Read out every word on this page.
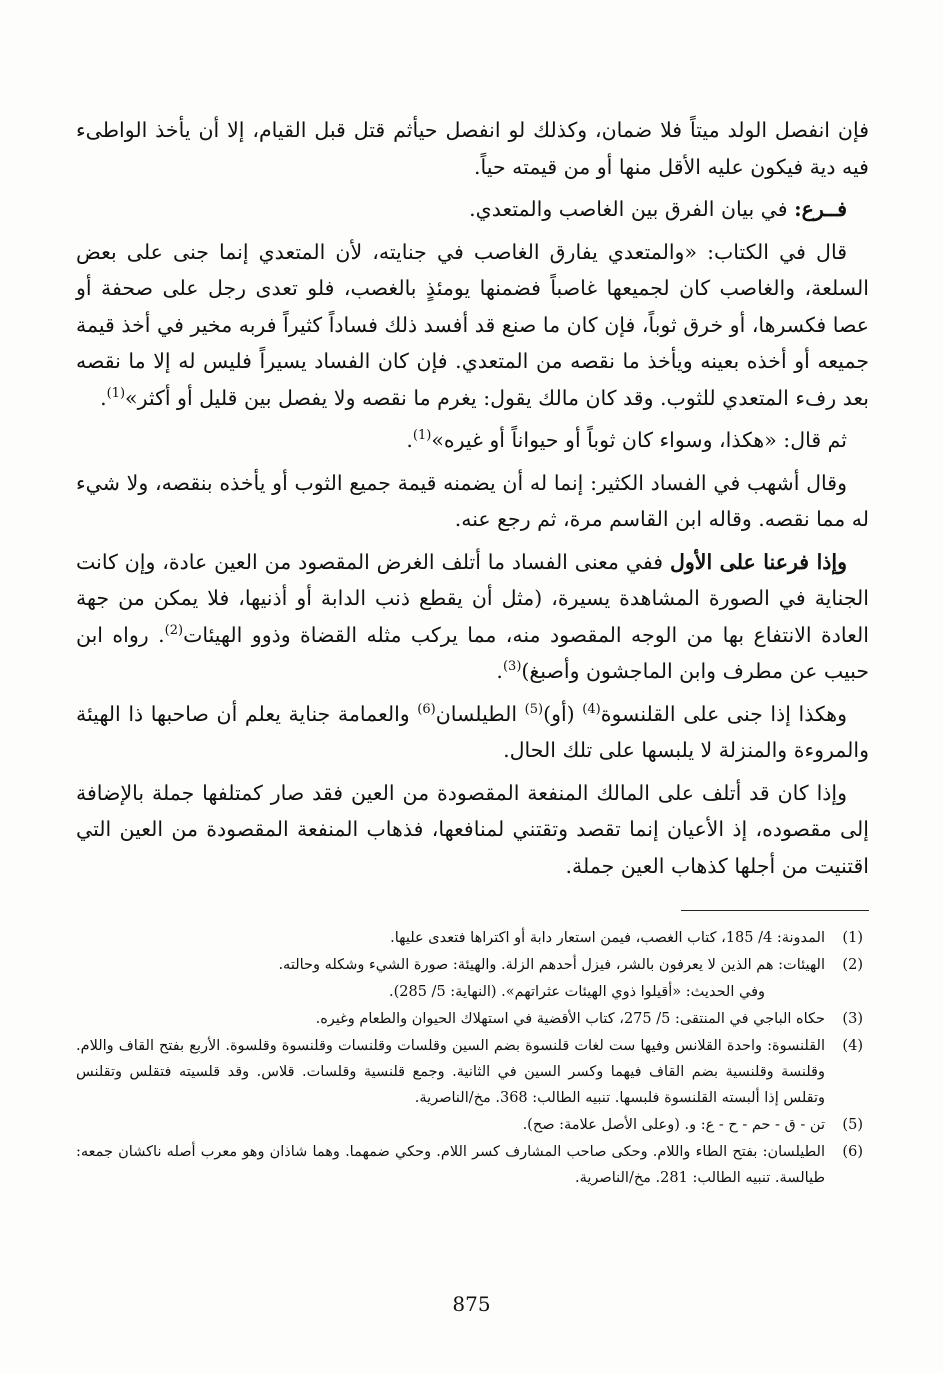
فإن انفصل الولد ميتاً فلا ضمان، وكذلك لو انفصل حيأثم قتل قبل القيام، إلا أن يأخذ الواطىء فيه دية فيكون عليه الأقل منها أو من قيمته حياً.

فــرع: في بيان الفرق بين الغاصب والمتعدي.

قال في الكتاب: «والمتعدي يفارق الغاصب في جنايته، لأن المتعدي إنما جنى على بعض السلعة، والغاصب كان لجميعها غاصباً فضمنها يومئذٍ بالغصب، فلو تعدى رجل على صحفة أو عصا فكسرها، أو خرق ثوباً، فإن كان ما صنع قد أفسد ذلك فساداً كثيراً فربه مخير في أخذ قيمة جميعه أو أخذه بعينه ويأخذ ما نقصه من المتعدي. فإن كان الفساد يسيراً فليس له إلا ما نقصه بعد رفء المتعدي للثوب. وقد كان مالك يقول: يغرم ما نقصه ولا يفصل بين قليل أو أكثر»$^{(1)}$.

ثم قال: «هكذا، وسواء كان ثوباً أو حيواناً أو غيره»$^{(1)}$.

وقال أشهب في الفساد الكثير: إنما له أن يضمنه قيمة جميع الثوب أو يأخذه بنقصه، ولا شيء له مما نقصه. وقاله ابن القاسم مرة، ثم رجع عنه.

وإذا فرعنا على الأول ففي معنى الفساد ما أتلف الغرض المقصود من العين عادة، وإن كانت الجناية في الصورة المشاهدة يسيرة، (مثل أن يقطع ذنب الدابة أو أذنيها، فلا يمكن من جهة العادة الانتفاع بها من الوجه المقصود منه، مما يركب مثله القضاة وذوو الهيئات$^{(2)}$. رواه ابن حبيب عن مطرف وابن الماجشون وأصبغ)$^{(3)}$.

وهكذا إذا جنى على القلنسوة$^{(4)}$ (أو)$^{(5)}$ الطيلسان$^{(6)}$ والعمامة جناية يعلم أن صاحبها ذا الهيئة والمروءة والمنزلة لا يلبسها على تلك الحال.

وإذا كان قد أتلف على المالك المنفعة المقصودة من العين فقد صار كمتلفها جملة بالإضافة إلى مقصوده، إذ الأعيان إنما تقصد وتقتني لمنافعها، فذهاب المنفعة المقصودة من العين التي اقتنيت من أجلها كذهاب العين جملة.

(1)
المدونة: 4/ 185، كتاب الغصب، فيمن استعار دابة أو اكتراها فتعدى عليها.
(2)
الهيئات: هم الذين لا يعرفون بالشر، فيزل أحدهم الزلة. والهيئة: صورة الشيء وشكله وحالته.
وفي الحديث: «أقيلوا ذوي الهيئات عثراتهم». (النهاية: 5/ 285).
(3)
حكاه الباجي في المنتقى: 5/ 275، كتاب الأقضية في استهلاك الحيوان والطعام وغيره.
(4)
القلنسوة: واحدة القلانس وفيها ست لغات قلنسوة بضم السين وقلسات وقلنسات وقلنسوة وقلسوة. الأربع بفتح القاف واللام. وقلنسة وقلنسية بضم القاف فيهما وكسر السين في الثانية. وجمع قلنسية وقلسات. قلاس. وقد قلسيته فتقلس وتقلنس وتقلس إذا ألبسته القلنسوة فلبسها. تنبيه الطالب: 368. مخ/الناصرية.
(5)
تن - ق - حم - ح - ع: و. (وعلى الأصل علامة: صح).
(6)
الطيلسان: بفتح الطاء واللام. وحكى صاحب المشارف كسر اللام. وحكي ضمهما. وهما شاذان وهو معرب أصله ناكشان جمعه: طيالسة. تنبيه الطالب: 281. مخ/الناصرية.
875
